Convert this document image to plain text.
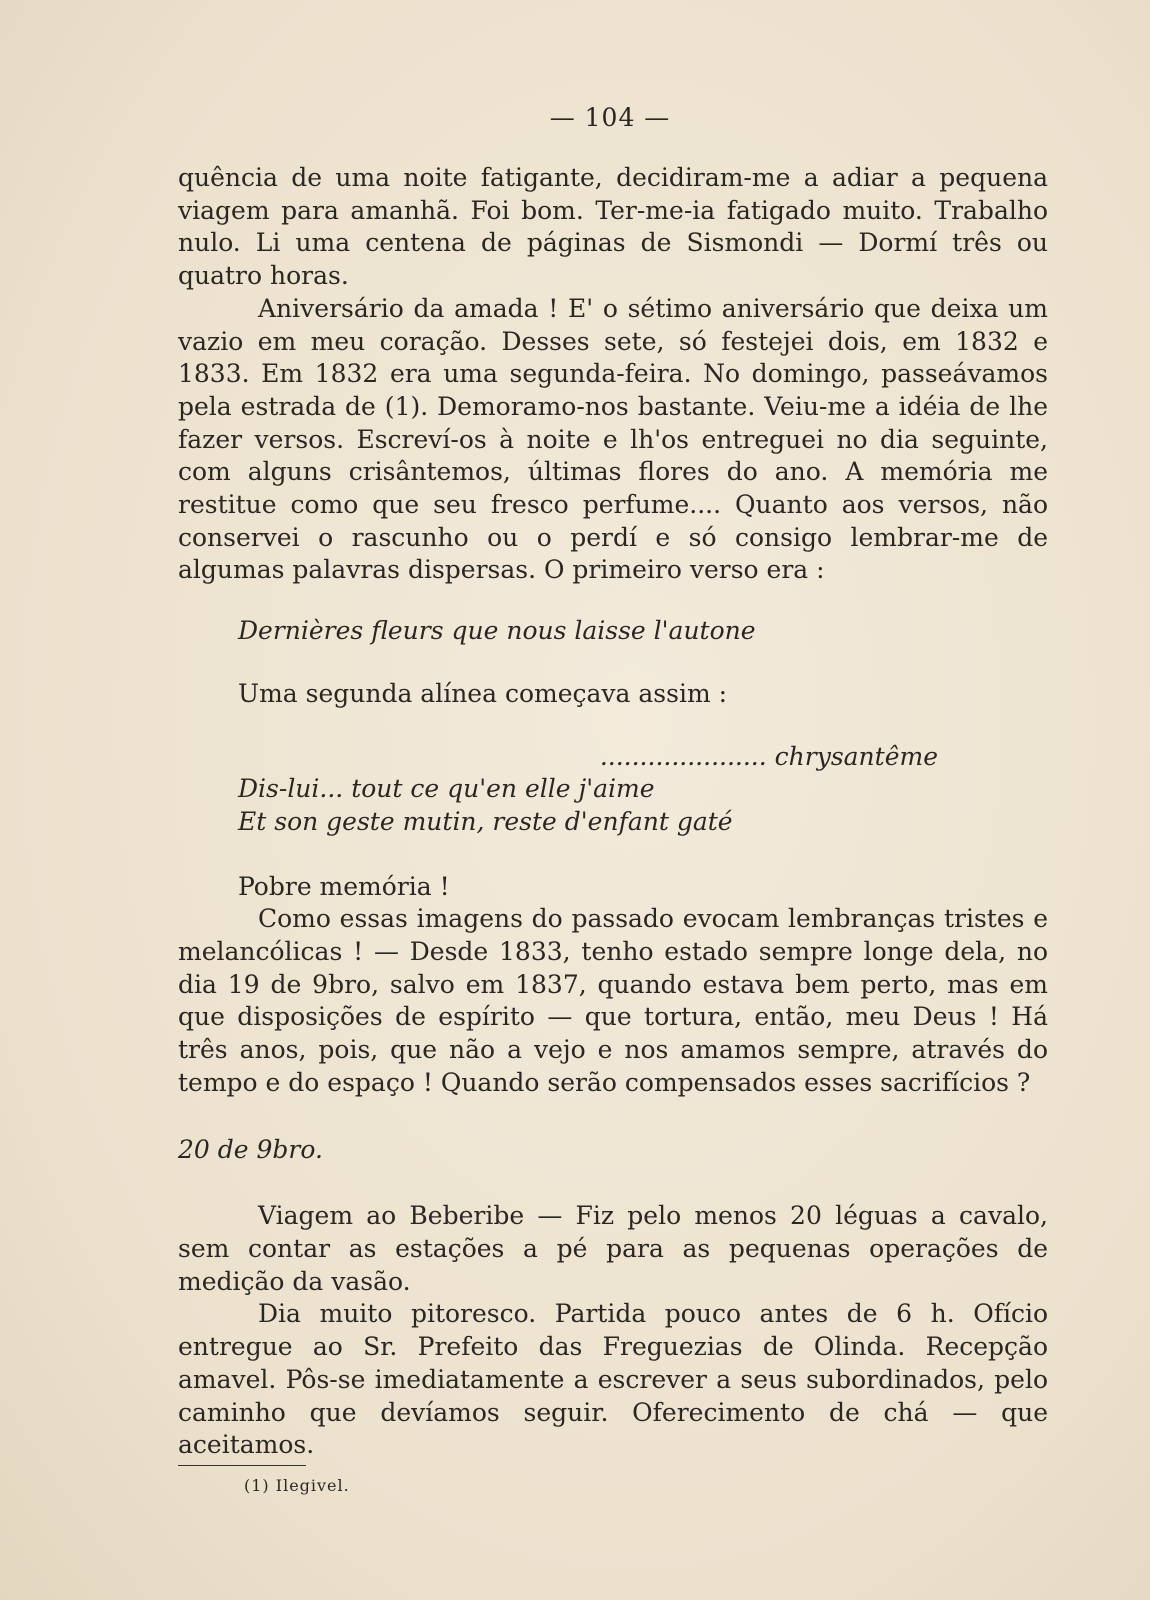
— 104 —

quência de uma noite fatigante, decidiram-me a adiar a pequena viagem para amanhã. Foi bom. Ter-me-ia fatigado muito. Trabalho nulo. Li uma centena de páginas de Sismondi — Dormí três ou quatro horas.

Aniversário da amada ! E' o sétimo aniversário que deixa um vazio em meu coração. Desses sete, só festejei dois, em 1832 e 1833. Em 1832 era uma segunda-feira. No domingo, passeávamos pela estrada de (1). Demoramo-nos bastante. Veiu-me a idéia de lhe fazer versos. Escreví-os à noite e lh'os entreguei no dia seguinte, com alguns crisântemos, últimas flores do ano. A memória me restitue como que seu fresco perfume.... Quanto aos versos, não conservei o rascunho ou o perdí e só consigo lembrar-me de algumas palavras dispersas. O primeiro verso era :

Dernières fleurs que nous laisse l'autone

Uma segunda alínea começava assim :

..................... chrysantême

Dis-lui... tout ce qu'en elle j'aime

Et son geste mutin, reste d'enfant gaté

Pobre memória !

Como essas imagens do passado evocam lembranças tristes e melancólicas ! — Desde 1833, tenho estado sempre longe dela, no dia 19 de 9bro, salvo em 1837, quando estava bem perto, mas em que disposições de espírito — que tortura, então, meu Deus ! Há três anos, pois, que não a vejo e nos amamos sempre, através do tempo e do espaço ! Quando serão compensados esses sacrifícios ?

20 de 9bro.

Viagem ao Beberibe — Fiz pelo menos 20 léguas a cavalo, sem contar as estações a pé para as pequenas operações de medição da vasão.

Dia muito pitoresco. Partida pouco antes de 6 h. Ofício entregue ao Sr. Prefeito das Freguezias de Olinda. Recepção amavel. Pôs-se imediatamente a escrever a seus subordinados, pelo caminho que devíamos seguir. Oferecimento de chá — que aceitamos.

(1) Ilegivel.
